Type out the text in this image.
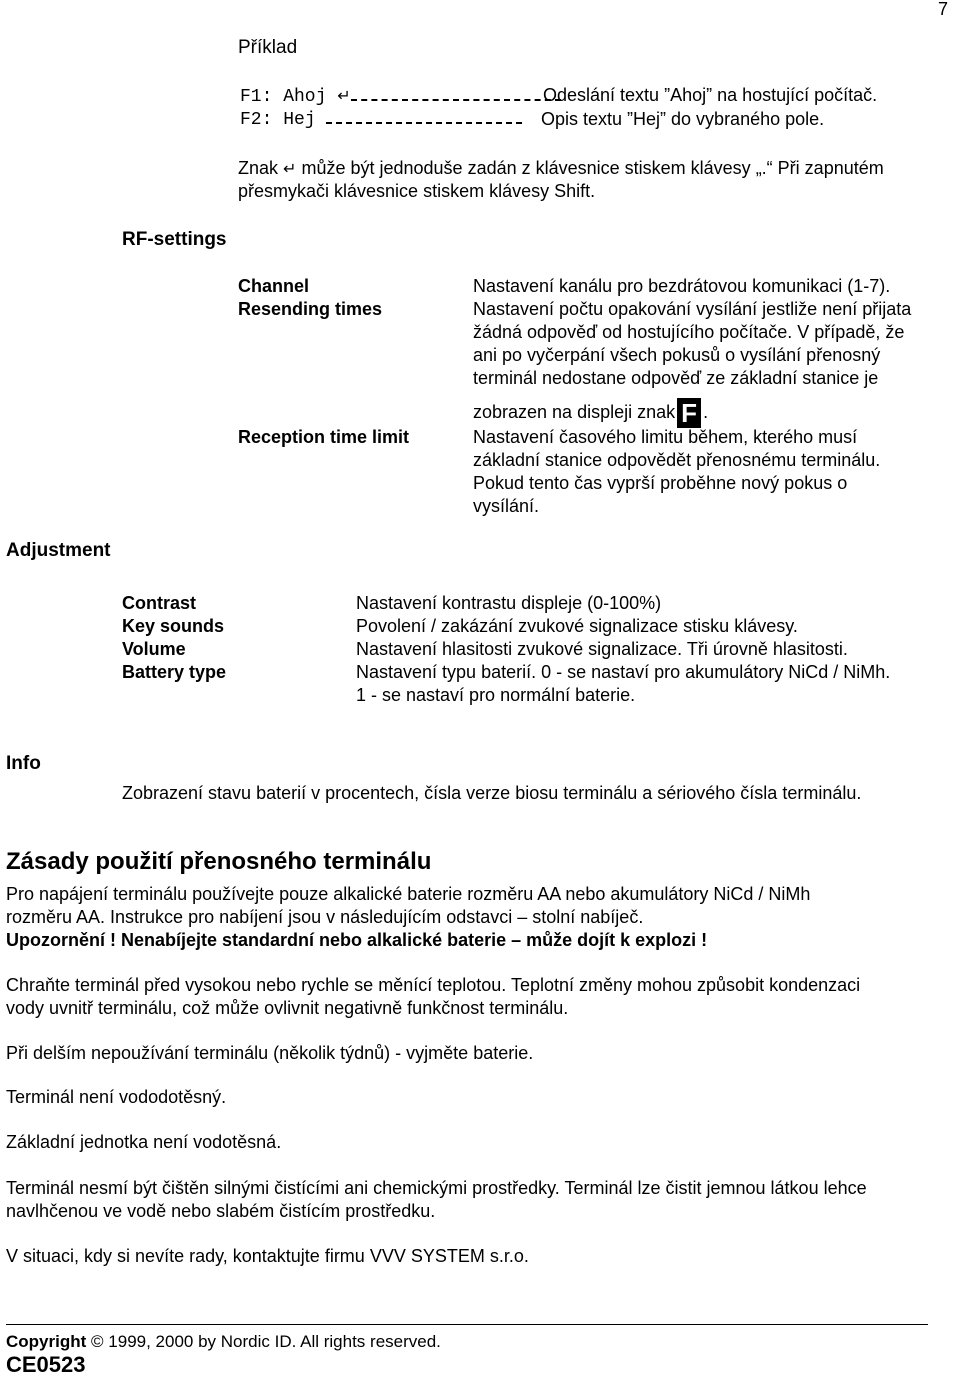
7
Příklad
F1: Ahoj ↵	Odeslání textu ”Ahoj” na hostující počítač.
F2: Hej	Opis textu ”Hej” do vybraného pole.
Znak ↵ může být jednoduše zadán z klávesnice stiskem klávesy „.“ Při zapnutém
přesmykači klávesnice stiskem klávesy Shift.
RF-settings
Channel	Nastavení kanálu pro bezdrátovou komunikaci (1-7).
Resending times	Nastavení počtu opakování vysílání jestliže není přijata
žádná odpověď od hostujícího počítače. V případě, že
ani po vyčerpání všech pokusů o vysílání přenosný
terminál nedostane odpověď ze základní stanice je
zobrazen na displeji znak F .
Reception time limit	Nastavení časového limitu během, kterého musí
základní stanice odpovědět přenosnému terminálu.
Pokud tento čas vyprší proběhne nový pokus o
vysílání.
Adjustment
Contrast	Nastavení kontrastu displeje (0-100%)
Key sounds	Povolení / zakázání zvukové signalizace stisku klávesy.
Volume	Nastavení hlasitosti zvukové signalizace. Tři úrovně hlasitosti.
Battery type	Nastavení typu baterií. 0 - se nastaví pro akumulátory NiCd / NiMh.
1 - se nastaví pro normální baterie.
Info
Zobrazení stavu baterií v procentech, čísla verze biosu terminálu a sériového čísla terminálu.
Zásady použití přenosného terminálu
Pro napájení terminálu používejte pouze alkalické baterie rozměru AA nebo akumulátory NiCd / NiMh
rozměru AA. Instrukce pro nabíjení jsou v následujícím odstavci – stolní nabíječ.
Upozornění ! Nenabíjejte standardní nebo alkalické baterie – může dojít k explozi !
Chraňte terminál před vysokou nebo rychle se měnící teplotou. Teplotní změny mohou způsobit kondenzaci
vody uvnitř terminálu, což může ovlivnit negativně funkčnost terminálu.
Při delším nepoužívání terminálu (několik týdnů) - vyjměte baterie.
Terminál není vododotěsný.
Základní jednotka není vodotěsná.
Terminál nesmí být čištěn silnými čistícími ani chemickými prostředky. Terminál lze čistit jemnou látkou lehce
navlhčenou ve vodě nebo slabém čistícím prostředku.
V situaci, kdy si nevíte rady, kontaktujte firmu VVV SYSTEM s.r.o.
Copyright © 1999, 2000 by Nordic ID. All rights reserved.
CE0523
